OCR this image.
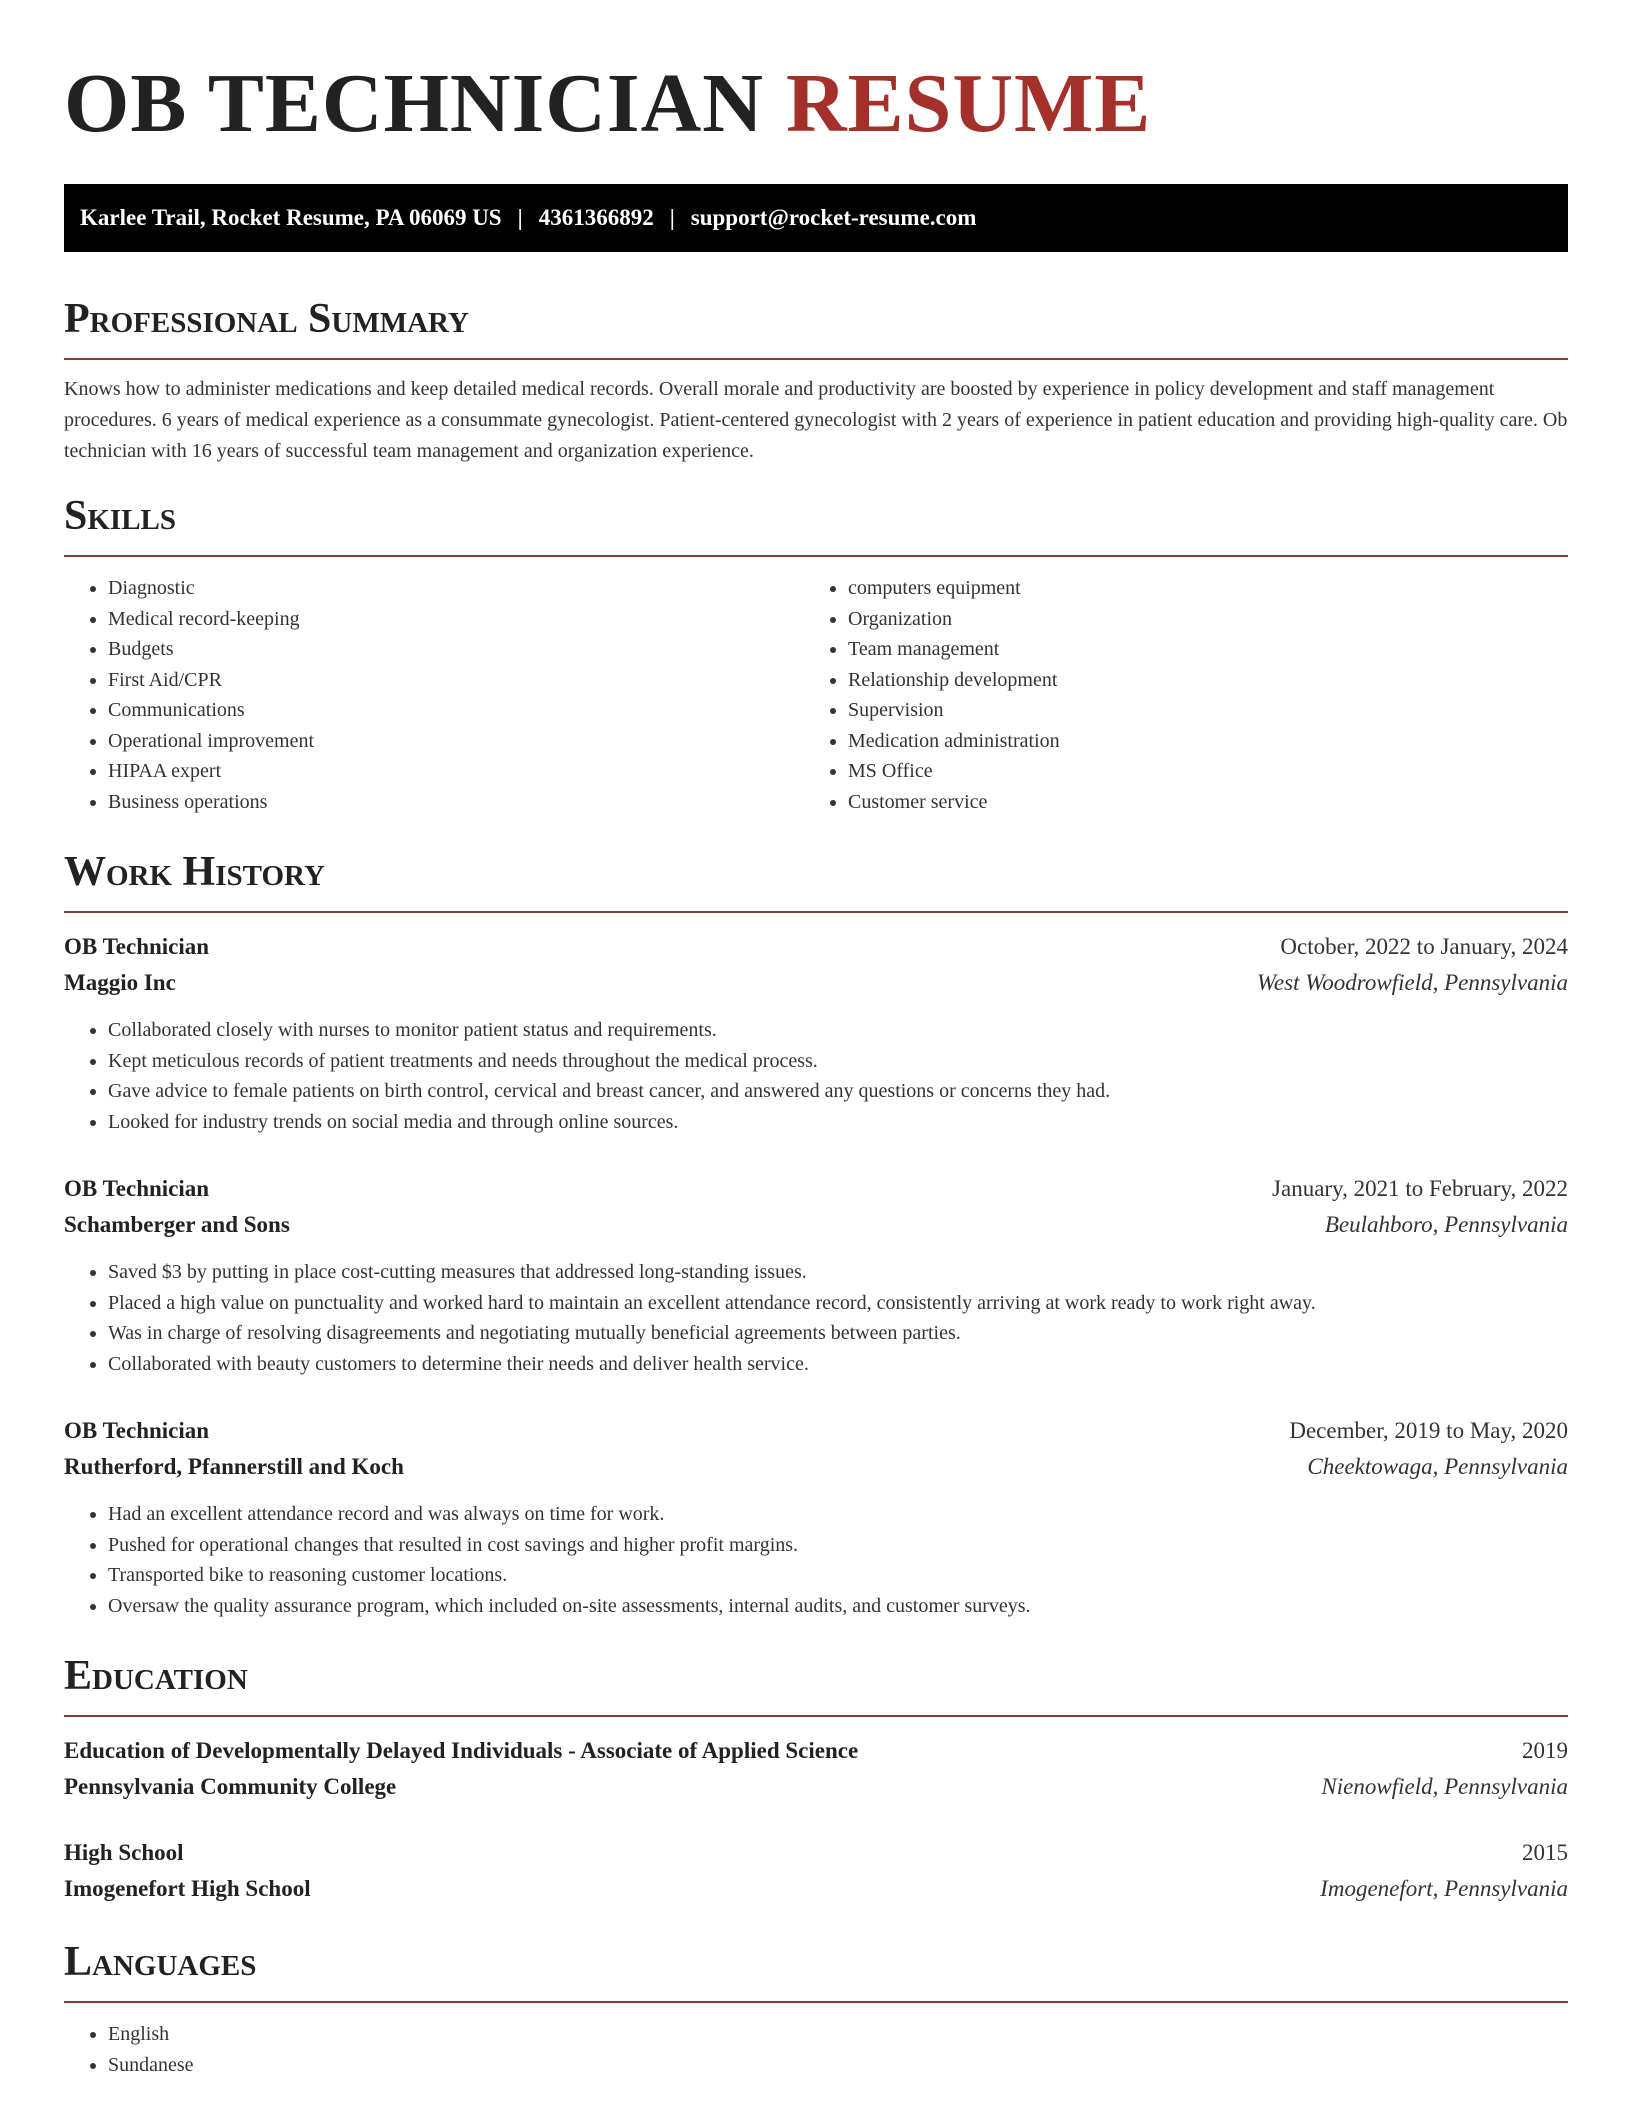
OB TECHNICIAN RESUME
Karlee Trail, Rocket Resume, PA 06069 US | 4361366892 | support@rocket-resume.com
Professional Summary

Knows how to administer medications and keep detailed medical records. Overall morale and productivity are boosted by experience in policy development and staff management procedures. 6 years of medical experience as a consummate gynecologist. Patient-centered gynecologist with 2 years of experience in patient education and providing high-quality care. Ob technician with 16 years of successful team management and organization experience.

Skills
• Diagnostic
• Medical record-keeping
• Budgets
• First Aid/CPR
• Communications
• Operational improvement
• HIPAA expert
• Business operations
• computers equipment
• Organization
• Team management
• Relationship development
• Supervision
• Medication administration
• MS Office
• Customer service
Work History
OB Technician	October, 2022 to January, 2024
Maggio Inc	West Woodrowfield, Pennsylvania
• Collaborated closely with nurses to monitor patient status and requirements.
• Kept meticulous records of patient treatments and needs throughout the medical process.
• Gave advice to female patients on birth control, cervical and breast cancer, and answered any questions or concerns they had.
• Looked for industry trends on social media and through online sources.
OB Technician	January, 2021 to February, 2022
Schamberger and Sons	Beulahboro, Pennsylvania
• Saved $3 by putting in place cost-cutting measures that addressed long-standing issues.
• Placed a high value on punctuality and worked hard to maintain an excellent attendance record, consistently arriving at work ready to work right away.
• Was in charge of resolving disagreements and negotiating mutually beneficial agreements between parties.
• Collaborated with beauty customers to determine their needs and deliver health service.
OB Technician	December, 2019 to May, 2020
Rutherford, Pfannerstill and Koch	Cheektowaga, Pennsylvania
• Had an excellent attendance record and was always on time for work.
• Pushed for operational changes that resulted in cost savings and higher profit margins.
• Transported bike to reasoning customer locations.
• Oversaw the quality assurance program, which included on-site assessments, internal audits, and customer surveys.
Education
Education of Developmentally Delayed Individuals - Associate of Applied Science	2019
Pennsylvania Community College	Nienowfield, Pennsylvania
High School	2015
Imogenefort High School	Imogenefort, Pennsylvania
Languages
• English
• Sundanese
